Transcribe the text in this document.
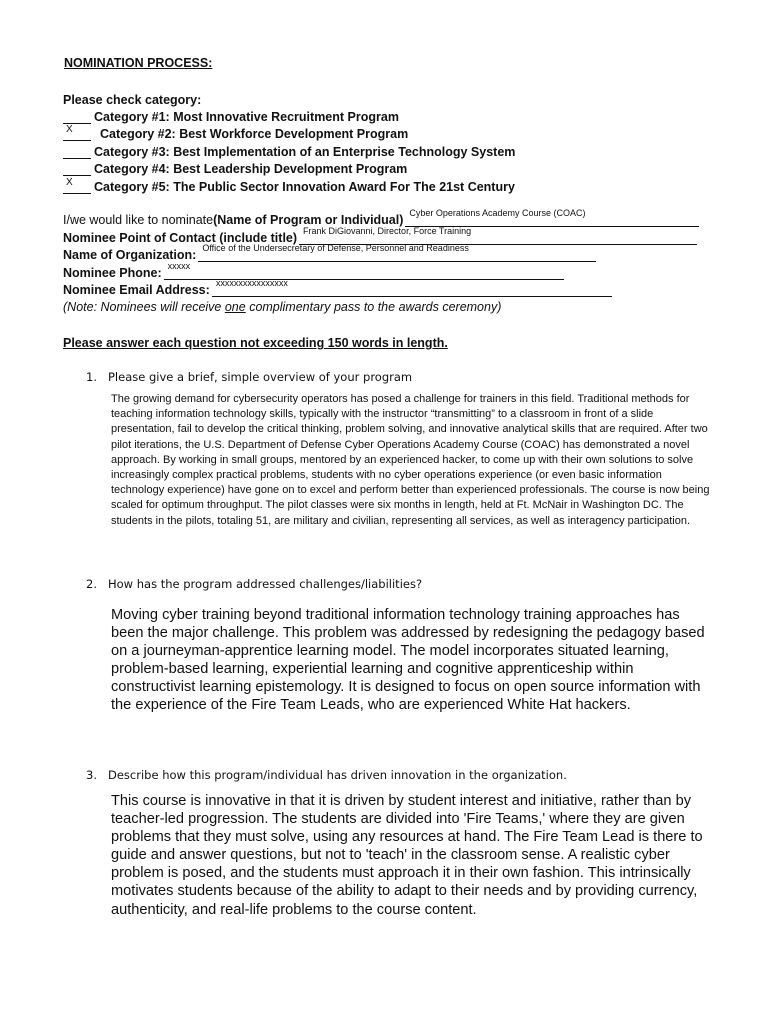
NOMINATION PROCESS:
Please check category:
Category #1: Most Innovative Recruitment Program
X Category #2: Best Workforce Development Program
Category #3: Best Implementation of an Enterprise Technology System
Category #4: Best Leadership Development Program
X Category #5: The Public Sector Innovation Award For The 21st Century
I/we would like to nominate(Name of Program or Individual) Cyber Operations Academy Course (COAC)
Nominee Point of Contact (include title) Frank DiGiovanni, Director, Force Training
Name of Organization: Office of the Undersecretary of Defense, Personnel and Readiness
Nominee Phone: xxxxx
Nominee Email Address: xxxxxxxxxxxxxxxx
(Note: Nominees will receive one complimentary pass to the awards ceremony)
Please answer each question not exceeding 150 words in length.
1. Please give a brief, simple overview of your program
The growing demand for cybersecurity operators has posed a challenge for trainers in this field. Traditional methods for teaching information technology skills, typically with the instructor “transmitting” to a classroom in front of a slide presentation, fail to develop the critical thinking, problem solving, and innovative analytical skills that are required. After two pilot iterations, the U.S. Department of Defense Cyber Operations Academy Course (COAC) has demonstrated a novel approach. By working in small groups, mentored by an experienced hacker, to come up with their own solutions to solve increasingly complex practical problems, students with no cyber operations experience (or even basic information technology experience) have gone on to excel and perform better than experienced professionals. The course is now being scaled for optimum throughput. The pilot classes were six months in length, held at Ft. McNair in Washington DC. The students in the pilots, totaling 51, are military and civilian, representing all services, as well as interagency participation.
2. How has the program addressed challenges/liabilities?
Moving cyber training beyond traditional information technology training approaches has been the major challenge. This problem was addressed by redesigning the pedagogy based on a journeyman-apprentice learning model. The model incorporates situated learning, problem-based learning, experiential learning and cognitive apprenticeship within constructivist learning epistemology. It is designed to focus on open source information with the experience of the Fire Team Leads, who are experienced White Hat hackers.
3. Describe how this program/individual has driven innovation in the organization.
This course is innovative in that it is driven by student interest and initiative, rather than by teacher-led progression. The students are divided into 'Fire Teams,' where they are given problems that they must solve, using any resources at hand. The Fire Team Lead is there to guide and answer questions, but not to 'teach' in the classroom sense. A realistic cyber problem is posed, and the students must approach it in their own fashion. This intrinsically motivates students because of the ability to adapt to their needs and by providing currency, authenticity, and real-life problems to the course content.
